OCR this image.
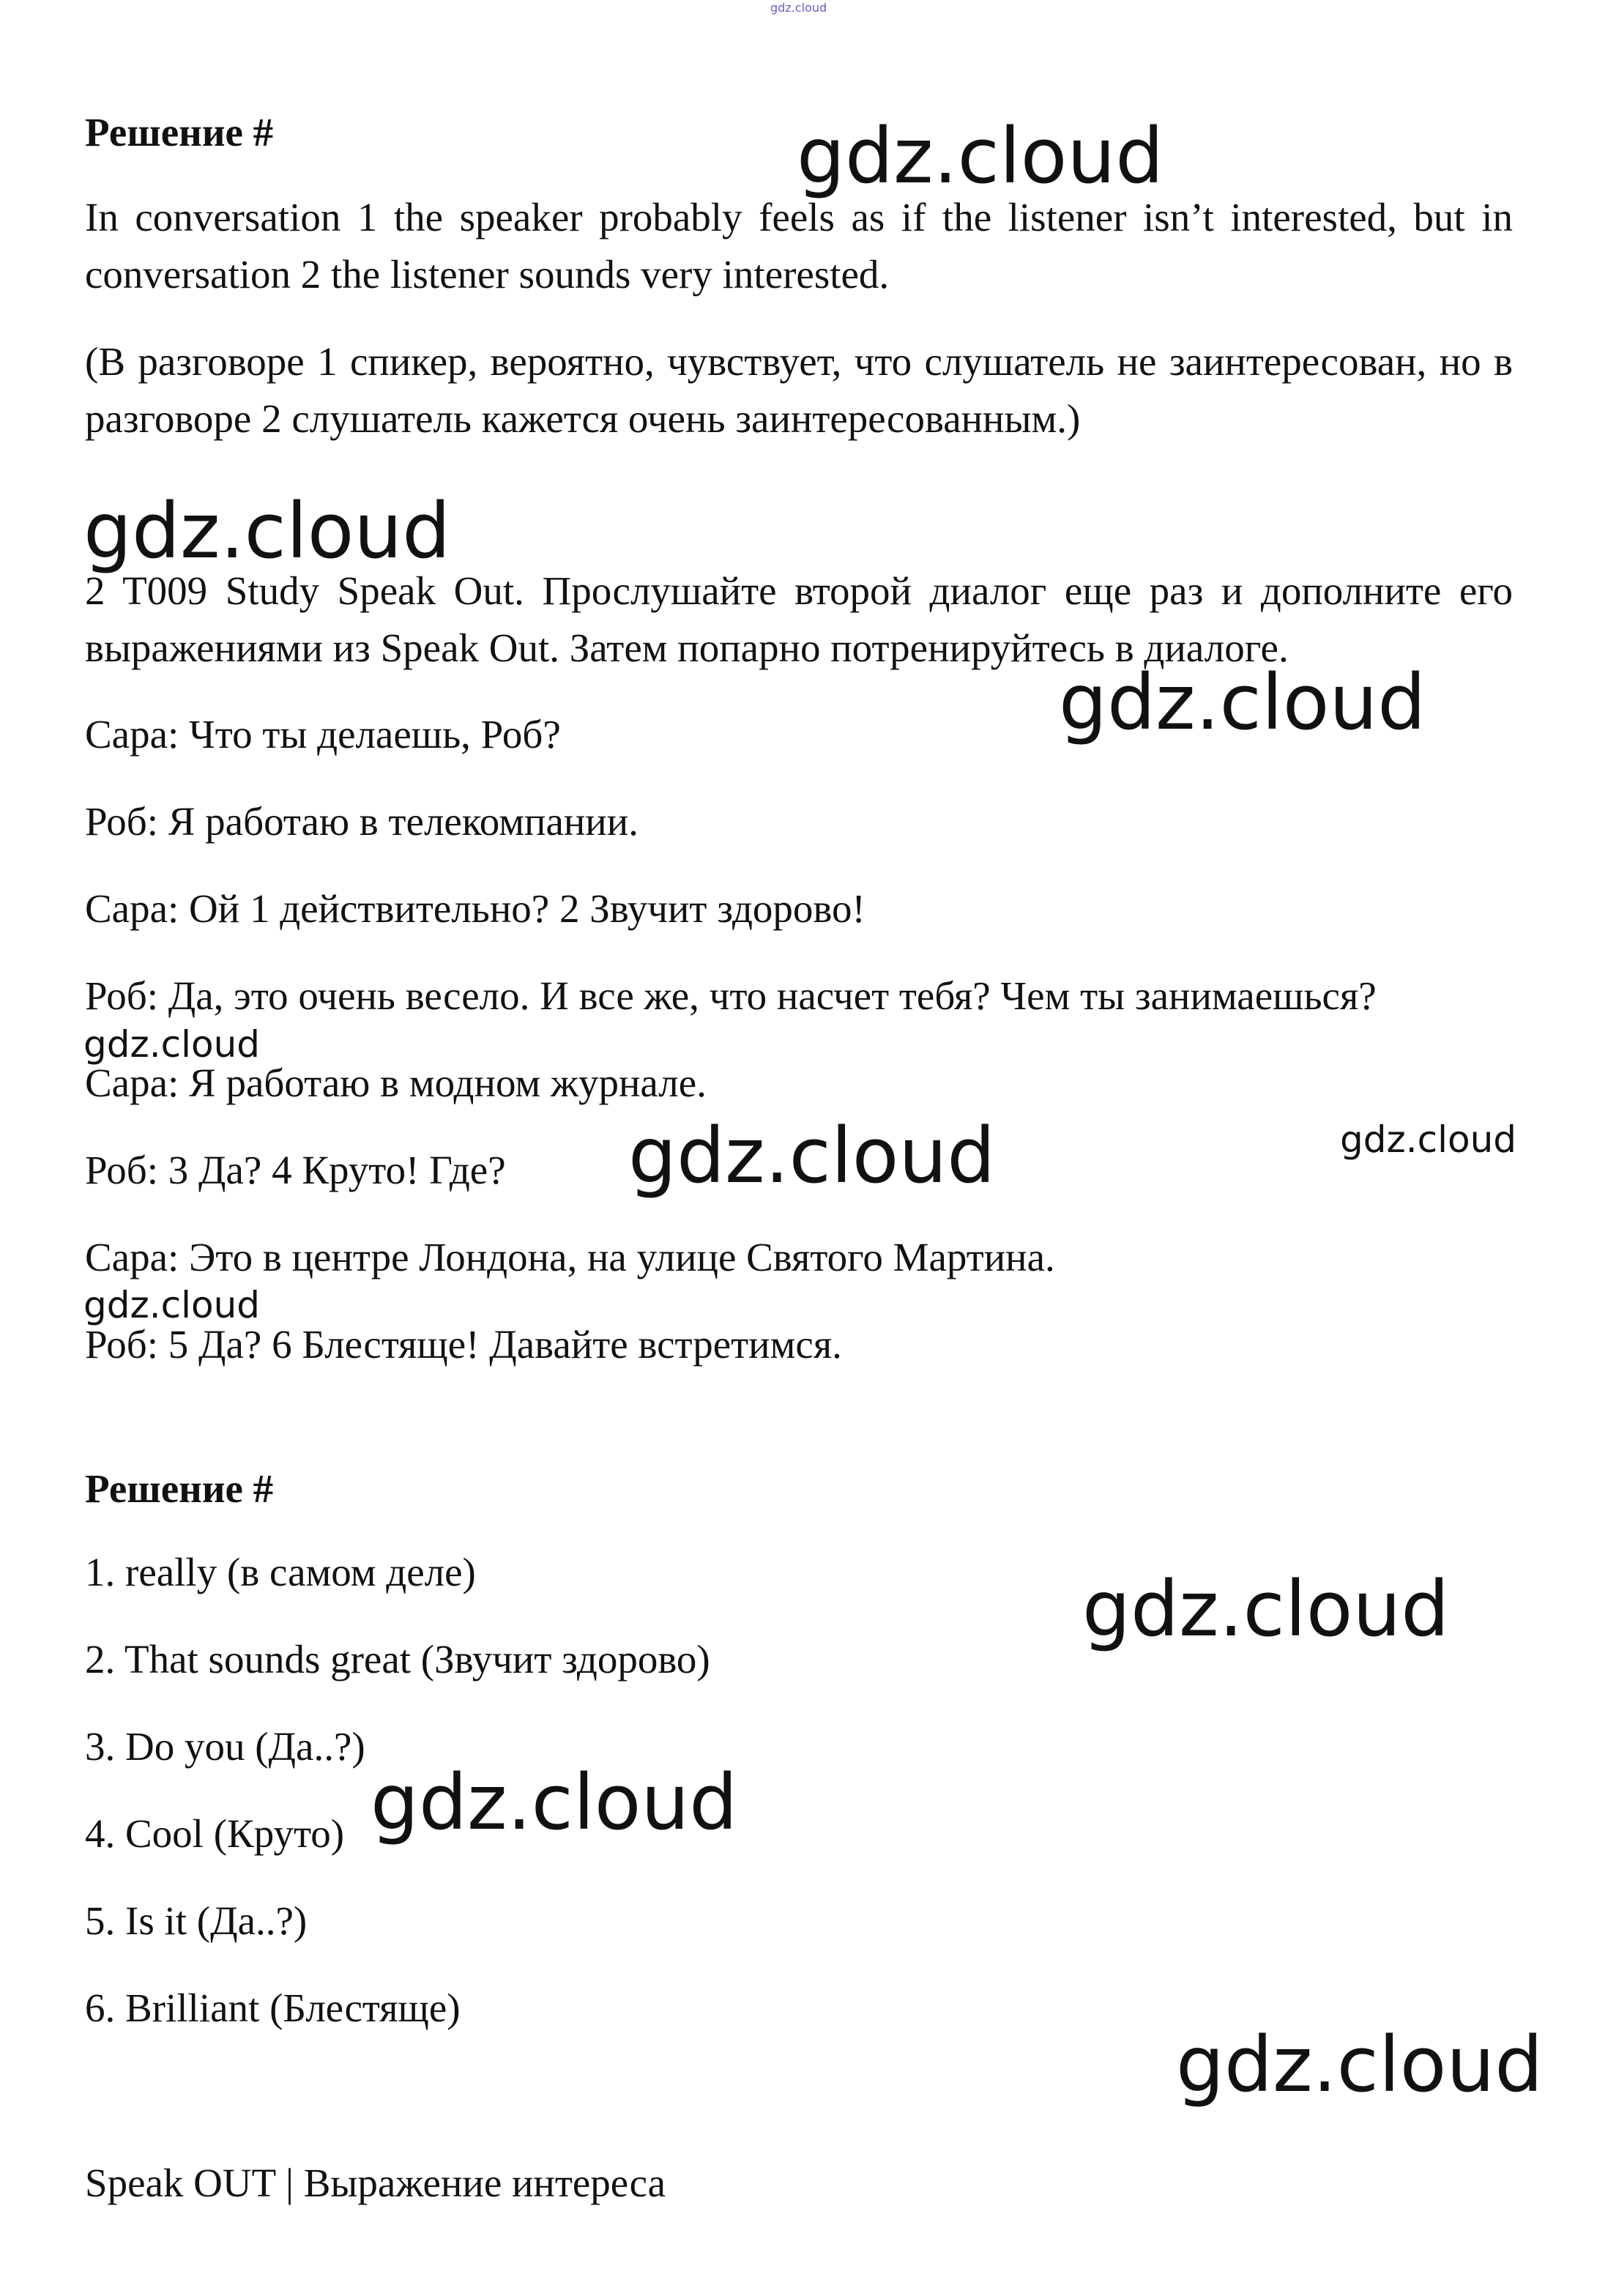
gdz.cloud

Решение #

In conversation 1 the speaker probably feels as if the listener isn’t interested, but in conversation 2 the listener sounds very interested.

(В разговоре 1 спикер, вероятно, чувствует, что слушатель не заинтересован, но в разговоре 2 слушатель кажется очень заинтересованным.)

2 T009 Study Speak Out. Прослушайте второй диалог еще раз и дополните его выражениями из Speak Out. Затем попарно потренируйтесь в диалоге.

Сара: Что ты делаешь, Роб?

Роб: Я работаю в телекомпании.

Сара: Ой 1 действительно? 2 Звучит здорово!

Роб: Да, это очень весело. И все же, что насчет тебя? Чем ты занимаешься?

Сара: Я работаю в модном журнале.

Роб: 3 Да? 4 Круто! Где?

Сара: Это в центре Лондона, на улице Святого Мартина.

Роб: 5 Да? 6 Блестяще! Давайте встретимся.

Решение #

1. really (в самом деле)

2. That sounds great (Звучит здорово)

3. Do you (Да..?)

4. Cool (Круто)

5. Is it (Да..?)

6. Brilliant (Блестяще)

Speak OUT | Выражение интереса

gdz.cloud

gdz.cloud

gdz.cloud

gdz.cloud

gdz.cloud	gdz.cloud

gdz.cloud

gdz.cloud

gdz.cloud

gdz.cloud
